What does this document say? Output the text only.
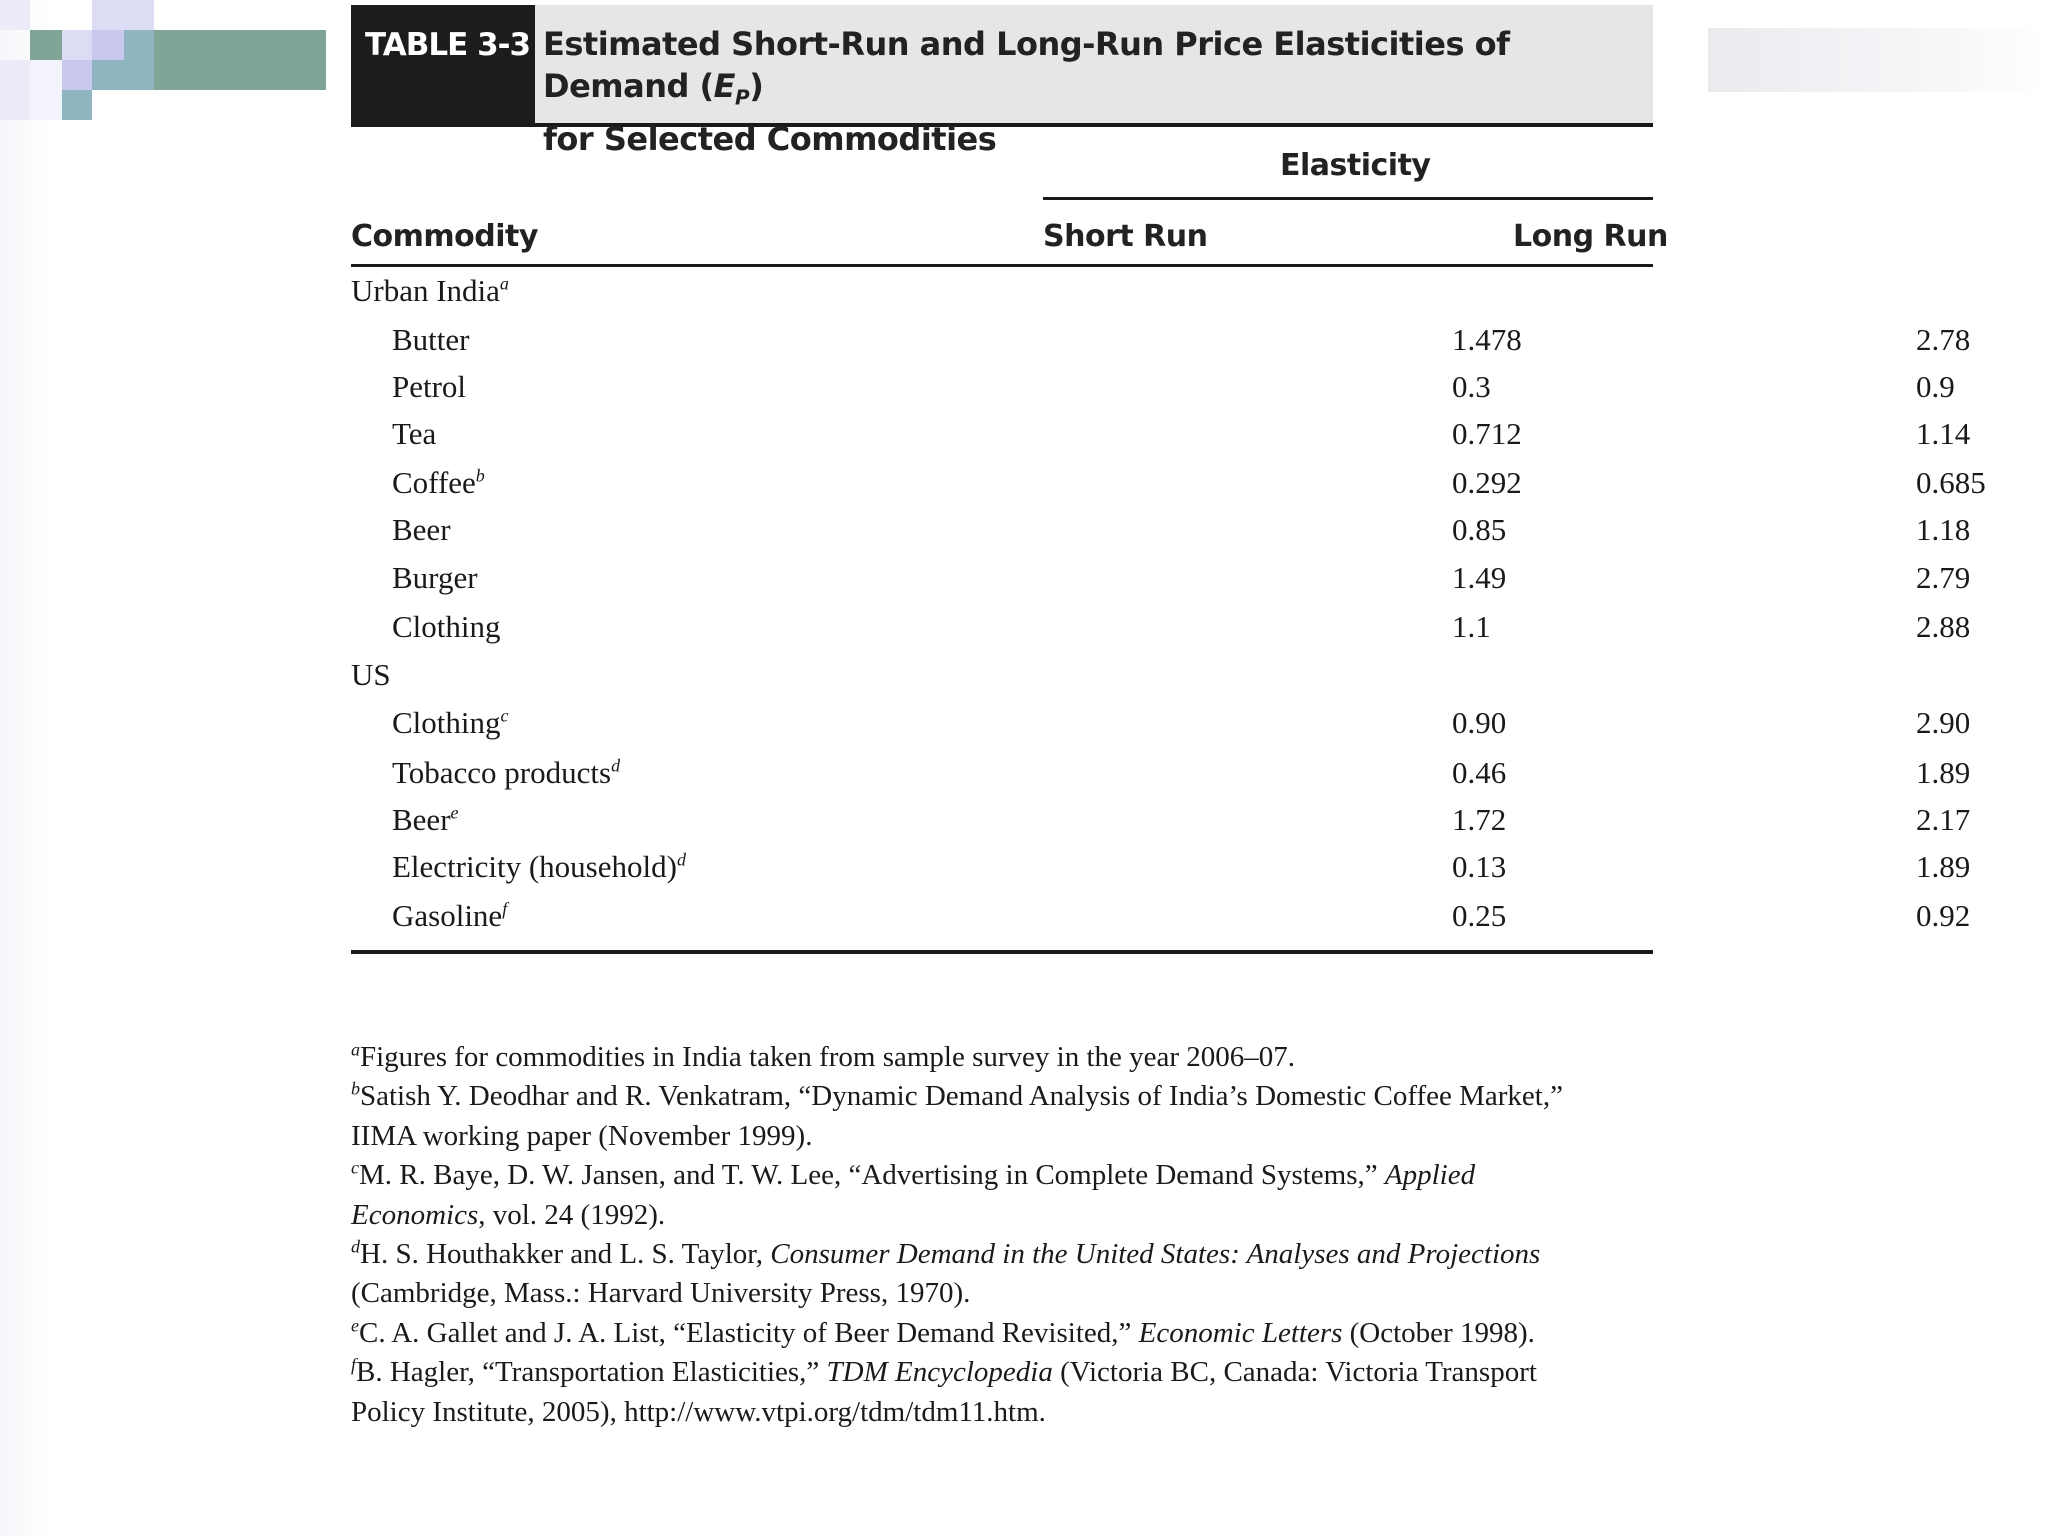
TABLE 3-3 Estimated Short-Run and Long-Run Price Elasticities of Demand $(E_P)$
for Selected Commodities
Elasticity
Commodity	Short Run	Long Run
Urban India$^a$
Butter	1.478	2.78
Petrol	0.3	0.9
Tea	0.712	1.14
Coffee$^b$	0.292	0.685
Beer	0.85	1.18
Burger	1.49	2.79
Clothing	1.1	2.88
US
Clothing$^c$	0.90	2.90
Tobacco products$^d$	0.46	1.89
Beer$^e$	1.72	2.17
Electricity (household)$^d$	0.13	1.89
Gasoline$^f$	0.25	0.92

$^a$Figures for commodities in India taken from sample survey in the year 2006–07.

$^b$Satish Y. Deodhar and R. Venkatram, “Dynamic Demand Analysis of India’s Domestic Coffee Market,”

IIMA working paper (November 1999).

$^c$M. R. Baye, D. W. Jansen, and T. W. Lee, “Advertising in Complete Demand Systems,” Applied

Economics, vol. 24 (1992).

$^d$H. S. Houthakker and L. S. Taylor, Consumer Demand in the United States: Analyses and Projections

(Cambridge, Mass.: Harvard University Press, 1970).

$^e$C. A. Gallet and J. A. List, “Elasticity of Beer Demand Revisited,” Economic Letters (October 1998).

$^f$B. Hagler, “Transportation Elasticities,” TDM Encyclopedia (Victoria BC, Canada: Victoria Transport

Policy Institute, 2005), http://www.vtpi.org/tdm/tdm11.htm.
